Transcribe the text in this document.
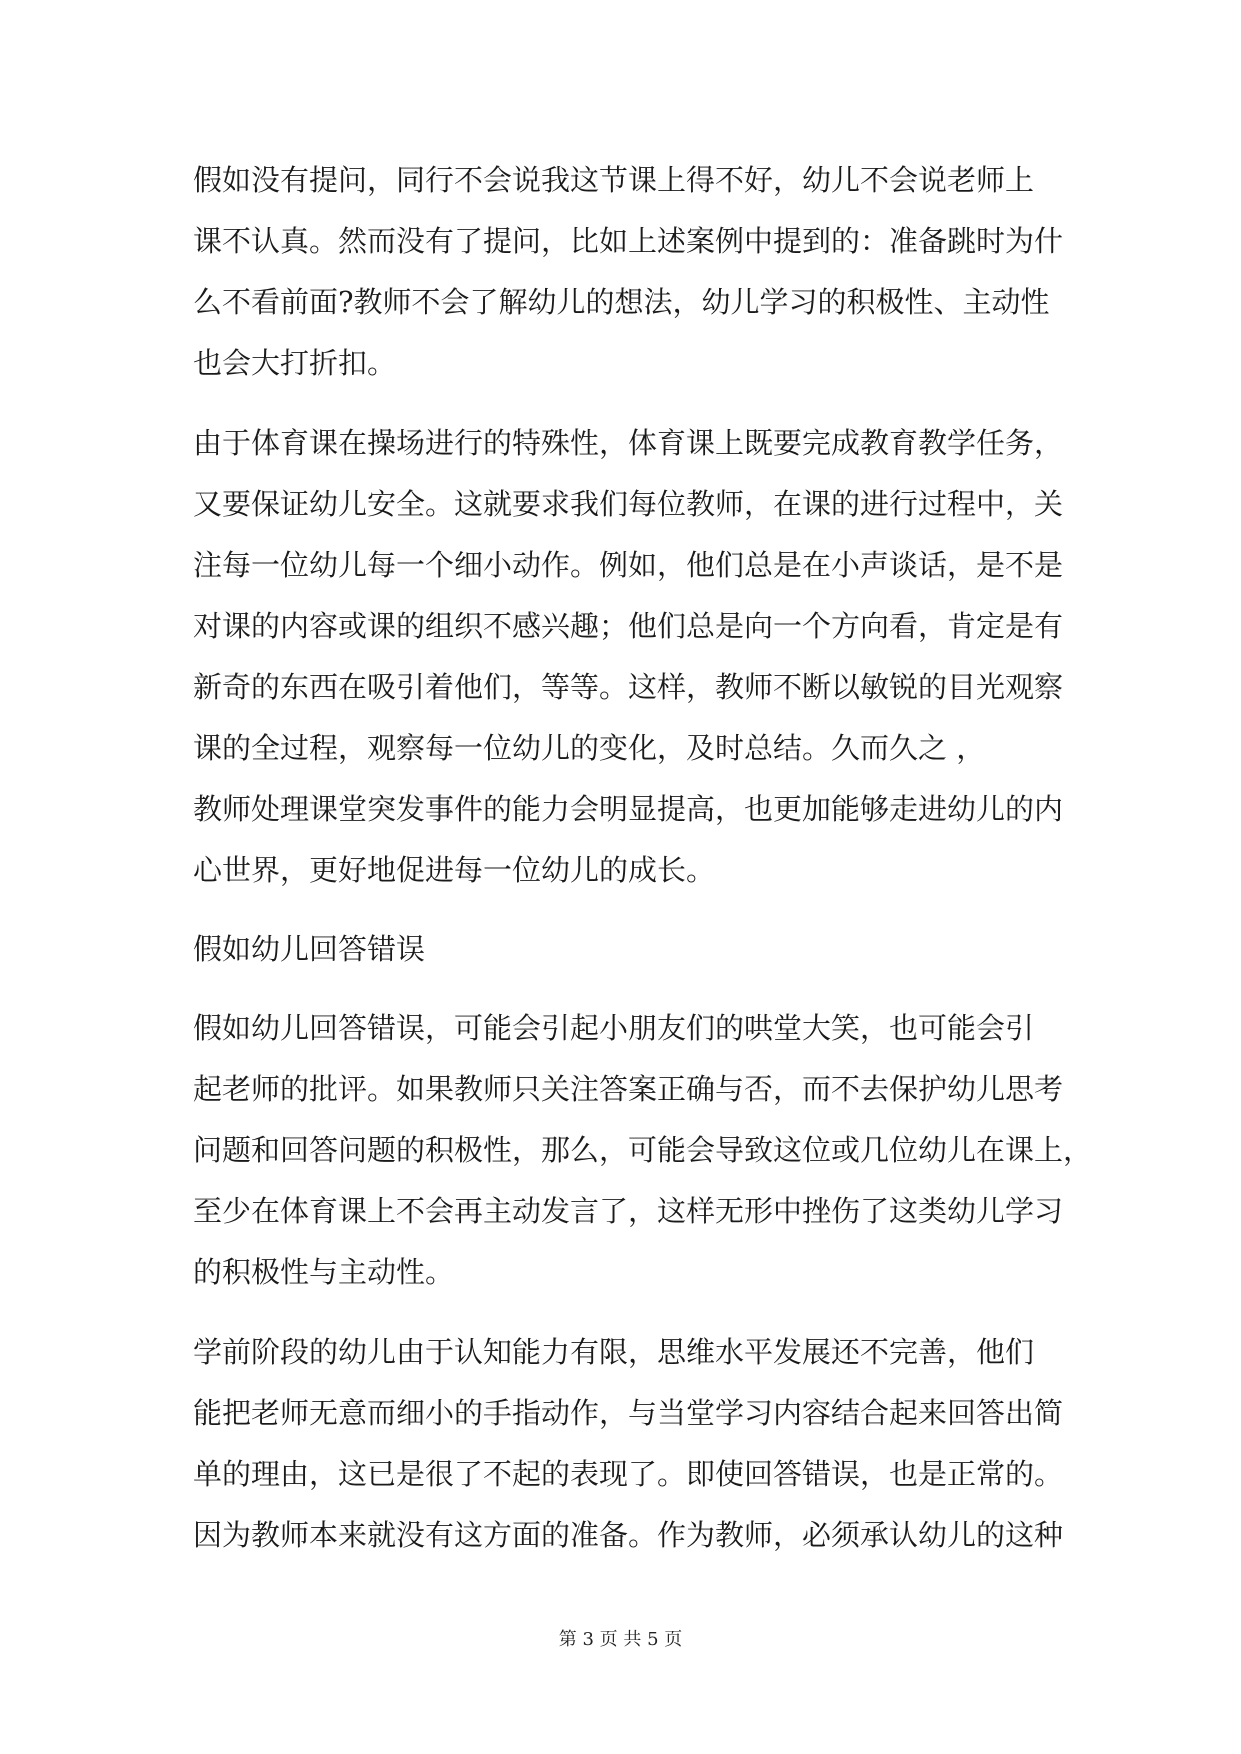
假如没有提问，同行不会说我这节课上得不好，幼儿不会说老师上
课不认真。然而没有了提问，比如上述案例中提到的：准备跳时为什
么不看前面?教师不会了解幼儿的想法，幼儿学习的积极性、主动性
也会大打折扣。
由于体育课在操场进行的特殊性，体育课上既要完成教育教学任务，
又要保证幼儿安全。这就要求我们每位教师，在课的进行过程中，关
注每一位幼儿每一个细小动作。例如，他们总是在小声谈话，是不是
对课的内容或课的组织不感兴趣；他们总是向一个方向看，肯定是有
新奇的东西在吸引着他们，等等。这样，教师不断以敏锐的目光观察
课的全过程，观察每一位幼儿的变化，及时总结。久而久之 ，
教师处理课堂突发事件的能力会明显提高，也更加能够走进幼儿的内
心世界，更好地促进每一位幼儿的成长。
假如幼儿回答错误
假如幼儿回答错误，可能会引起小朋友们的哄堂大笑，也可能会引
起老师的批评。如果教师只关注答案正确与否，而不去保护幼儿思考
问题和回答问题的积极性，那么，可能会导致这位或几位幼儿在课上，
至少在体育课上不会再主动发言了，这样无形中挫伤了这类幼儿学习
的积极性与主动性。
学前阶段的幼儿由于认知能力有限，思维水平发展还不完善，他们
能把老师无意而细小的手指动作，与当堂学习内容结合起来回答出简
单的理由，这已是很了不起的表现了。即使回答错误，也是正常的。
因为教师本来就没有这方面的准备。作为教师，必须承认幼儿的这种
第 3 页 共 5 页
